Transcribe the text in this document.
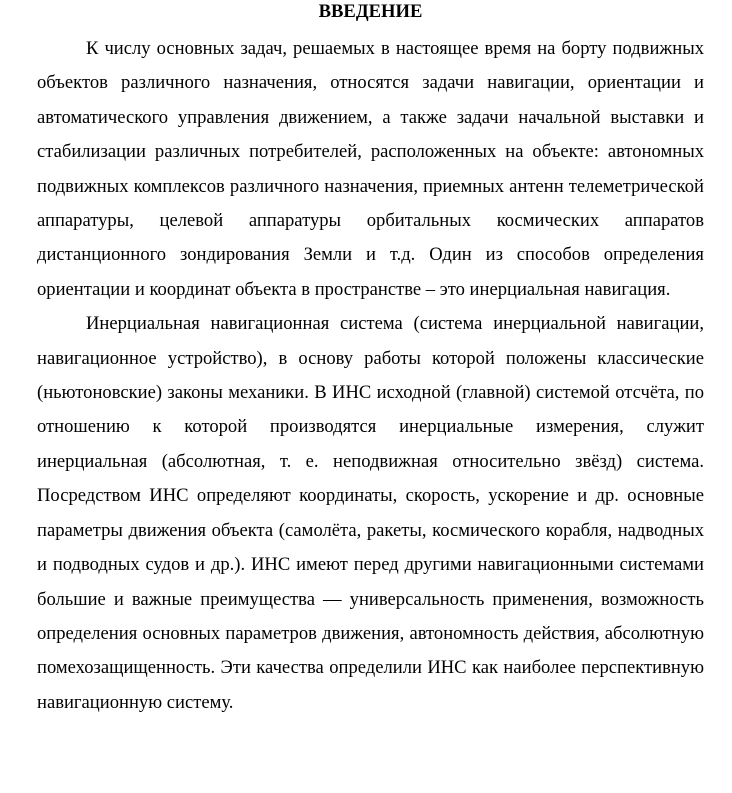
ВВЕДЕНИЕ

К числу основных задач, решаемых в настоящее время на борту подвижных объектов различного назначения, относятся задачи навигации, ориентации и автоматического управления движением, а также задачи начальной выставки и стабилизации различных потребителей, расположенных на объекте: автономных подвижных комплексов различного назначения, приемных антенн телеметрической аппаратуры, целевой аппаратуры орбитальных космических аппаратов дистанционного зондирования Земли и т.д. Один из способов определения ориентации и координат объекта в пространстве – это инерциальная навигация.

Инерциальная навигационная система (система инерциальной навигации, навигационное устройство), в основу работы которой положены классические (ньютоновские) законы механики. В ИНС исходной (главной) системой отсчёта, по отношению к которой производятся инерциальные измерения, служит инерциальная (абсолютная, т. е. неподвижная относительно звёзд) система. Посредством ИНС определяют координаты, скорость, ускорение и др. основные параметры движения объекта (самолёта, ракеты, космического корабля, надводных и подводных судов и др.). ИНС имеют перед другими навигационными системами большие и важные преимущества — универсальность применения, возможность определения основных параметров движения, автономность действия, абсолютную помехозащищенность. Эти качества определили ИНС как наиболее перспективную навигационную систему.
